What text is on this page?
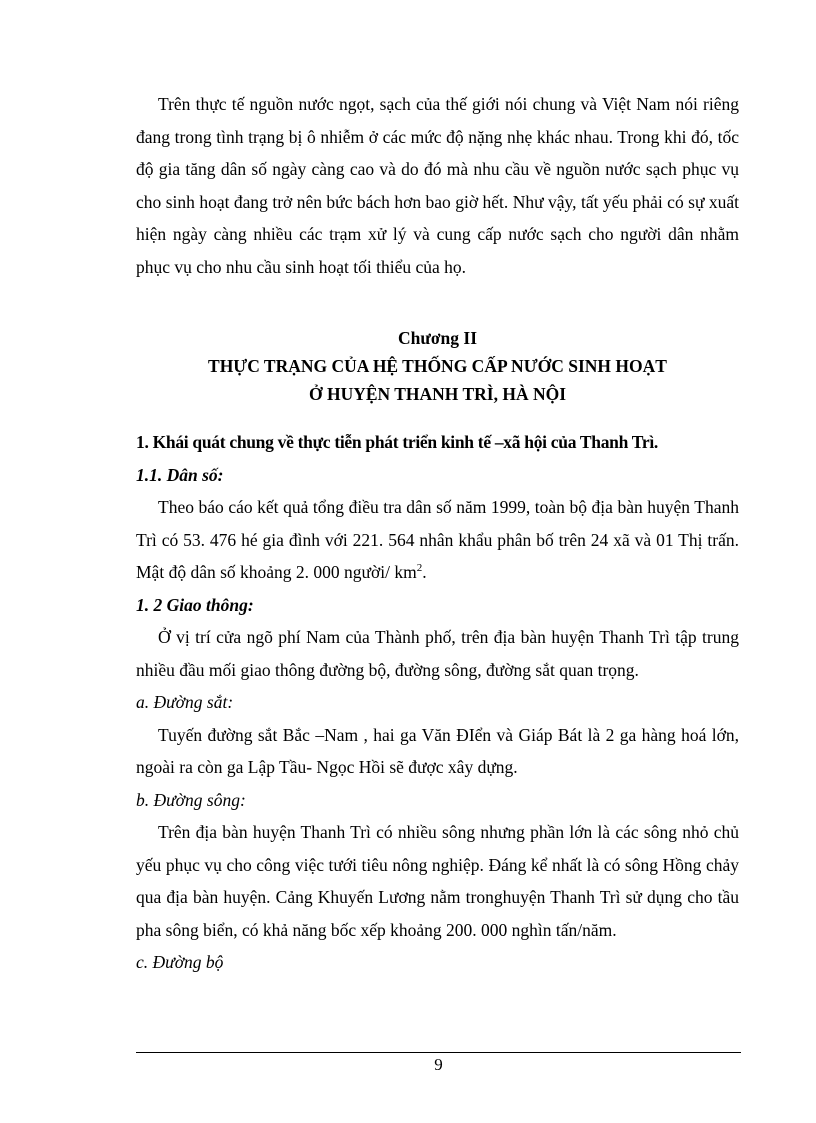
Trên thực tế nguồn nước ngọt, sạch của thế giới nói chung và Việt Nam nói riêng đang trong tình trạng bị ô nhiễm ở các mức độ nặng nhẹ khác nhau. Trong khi đó, tốc độ gia tăng dân số ngày càng cao và do đó mà nhu cầu về nguồn nước sạch phục vụ cho sinh hoạt đang trở nên bức bách hơn bao giờ hết. Như vậy, tất yếu phải có sự xuất hiện ngày càng nhiều các trạm xử lý và cung cấp nước sạch cho người dân nhằm phục vụ cho nhu cầu sinh hoạt tối thiểu của họ.

Chương II
THỰC TRẠNG CỦA HỆ THỐNG CẤP NƯỚC SINH HOẠT
Ở HUYỆN THANH TRÌ, HÀ NỘI

1. Khái quát chung về thực tiễn phát triển kinh tế –xã hội của Thanh Trì.

1.1. Dân số:

Theo báo cáo kết quả tổng điều tra dân số năm 1999, toàn bộ địa bàn huyện Thanh Trì có 53. 476 hé gia đình với 221. 564 nhân khẩu phân bố trên 24 xã và 01 Thị trấn. Mật độ dân số khoảng 2. 000 người/ $km^2$.

1. 2 Giao thông:

Ở vị trí cửa ngõ phí Nam của Thành phố, trên địa bàn huyện Thanh Trì tập trung nhiều đầu mối giao thông đường bộ, đường sông, đường sắt quan trọng.

a. Đường sắt:

Tuyến đường sắt Bắc –Nam , hai ga Văn ĐIển và Giáp Bát là 2 ga hàng hoá lớn, ngoài ra còn ga Lập Tầu- Ngọc Hồi sẽ được xây dựng.

b. Đường sông:

Trên địa bàn huyện Thanh Trì có nhiều sông nhưng phần lớn là các sông nhỏ chủ yếu phục vụ cho công việc tưới tiêu nông nghiệp. Đáng kể nhất là có sông Hồng chảy qua địa bàn huyện. Cảng Khuyến Lương nằm tronghuyện Thanh Trì sử dụng cho tầu pha sông biển, có khả năng bốc xếp khoảng 200. 000 nghìn tấn/năm.

c. Đường bộ

9
